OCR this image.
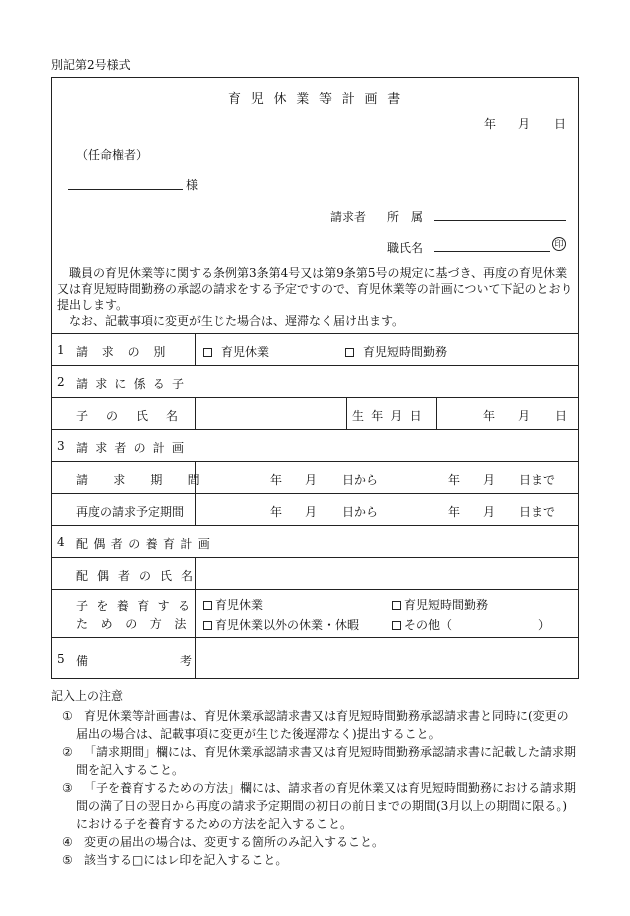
別記第2号様式
育児休業等計画書
年 月 日
（任命権者）
様
請求者 所　属
職氏名	印
職員の育児休業等に関する条例第3条第4号又は第9条第5号の規定に基づき、再度の育児休業又は育児短時間勤務の承認の請求をする予定ですので、育児休業等の計画について下記のとおり提出します。
なお、記載事項に変更が生じた場合は、遅滞なく届け出ます。
1 請求の別	育児休業	育児短時間勤務
2 請求に係る子
子の氏名	生年月日	年 月 日
3 請求者の計画
請求期間	年 月 日から	年 月 日まで
再度の請求予定期間	年 月 日から	年 月 日まで
4 配偶者の養育計画
配偶者の氏名
子を養育する
ための方法
育児休業	育児短時間勤務
育児休業以外の休業・休暇	その他（	）
5 備	考
記入上の注意
① 育児休業等計画書は、育児休業承認請求書又は育児短時間勤務承認請求書と同時に(変更の
届出の場合は、記載事項に変更が生じた後遅滞なく)提出すること。
② 「請求期間」欄には、育児休業承認請求書又は育児短時間勤務承認請求書に記載した請求期
間を記入すること。
③ 「子を養育するための方法」欄には、請求者の育児休業又は育児短時間勤務における請求期
間の満了日の翌日から再度の請求予定期間の初日の前日までの期間(3月以上の期間に限る。)
における子を養育するための方法を記入すること。
④ 変更の届出の場合は、変更する箇所のみ記入すること。
⑤ 該当する□にはレ印を記入すること。
